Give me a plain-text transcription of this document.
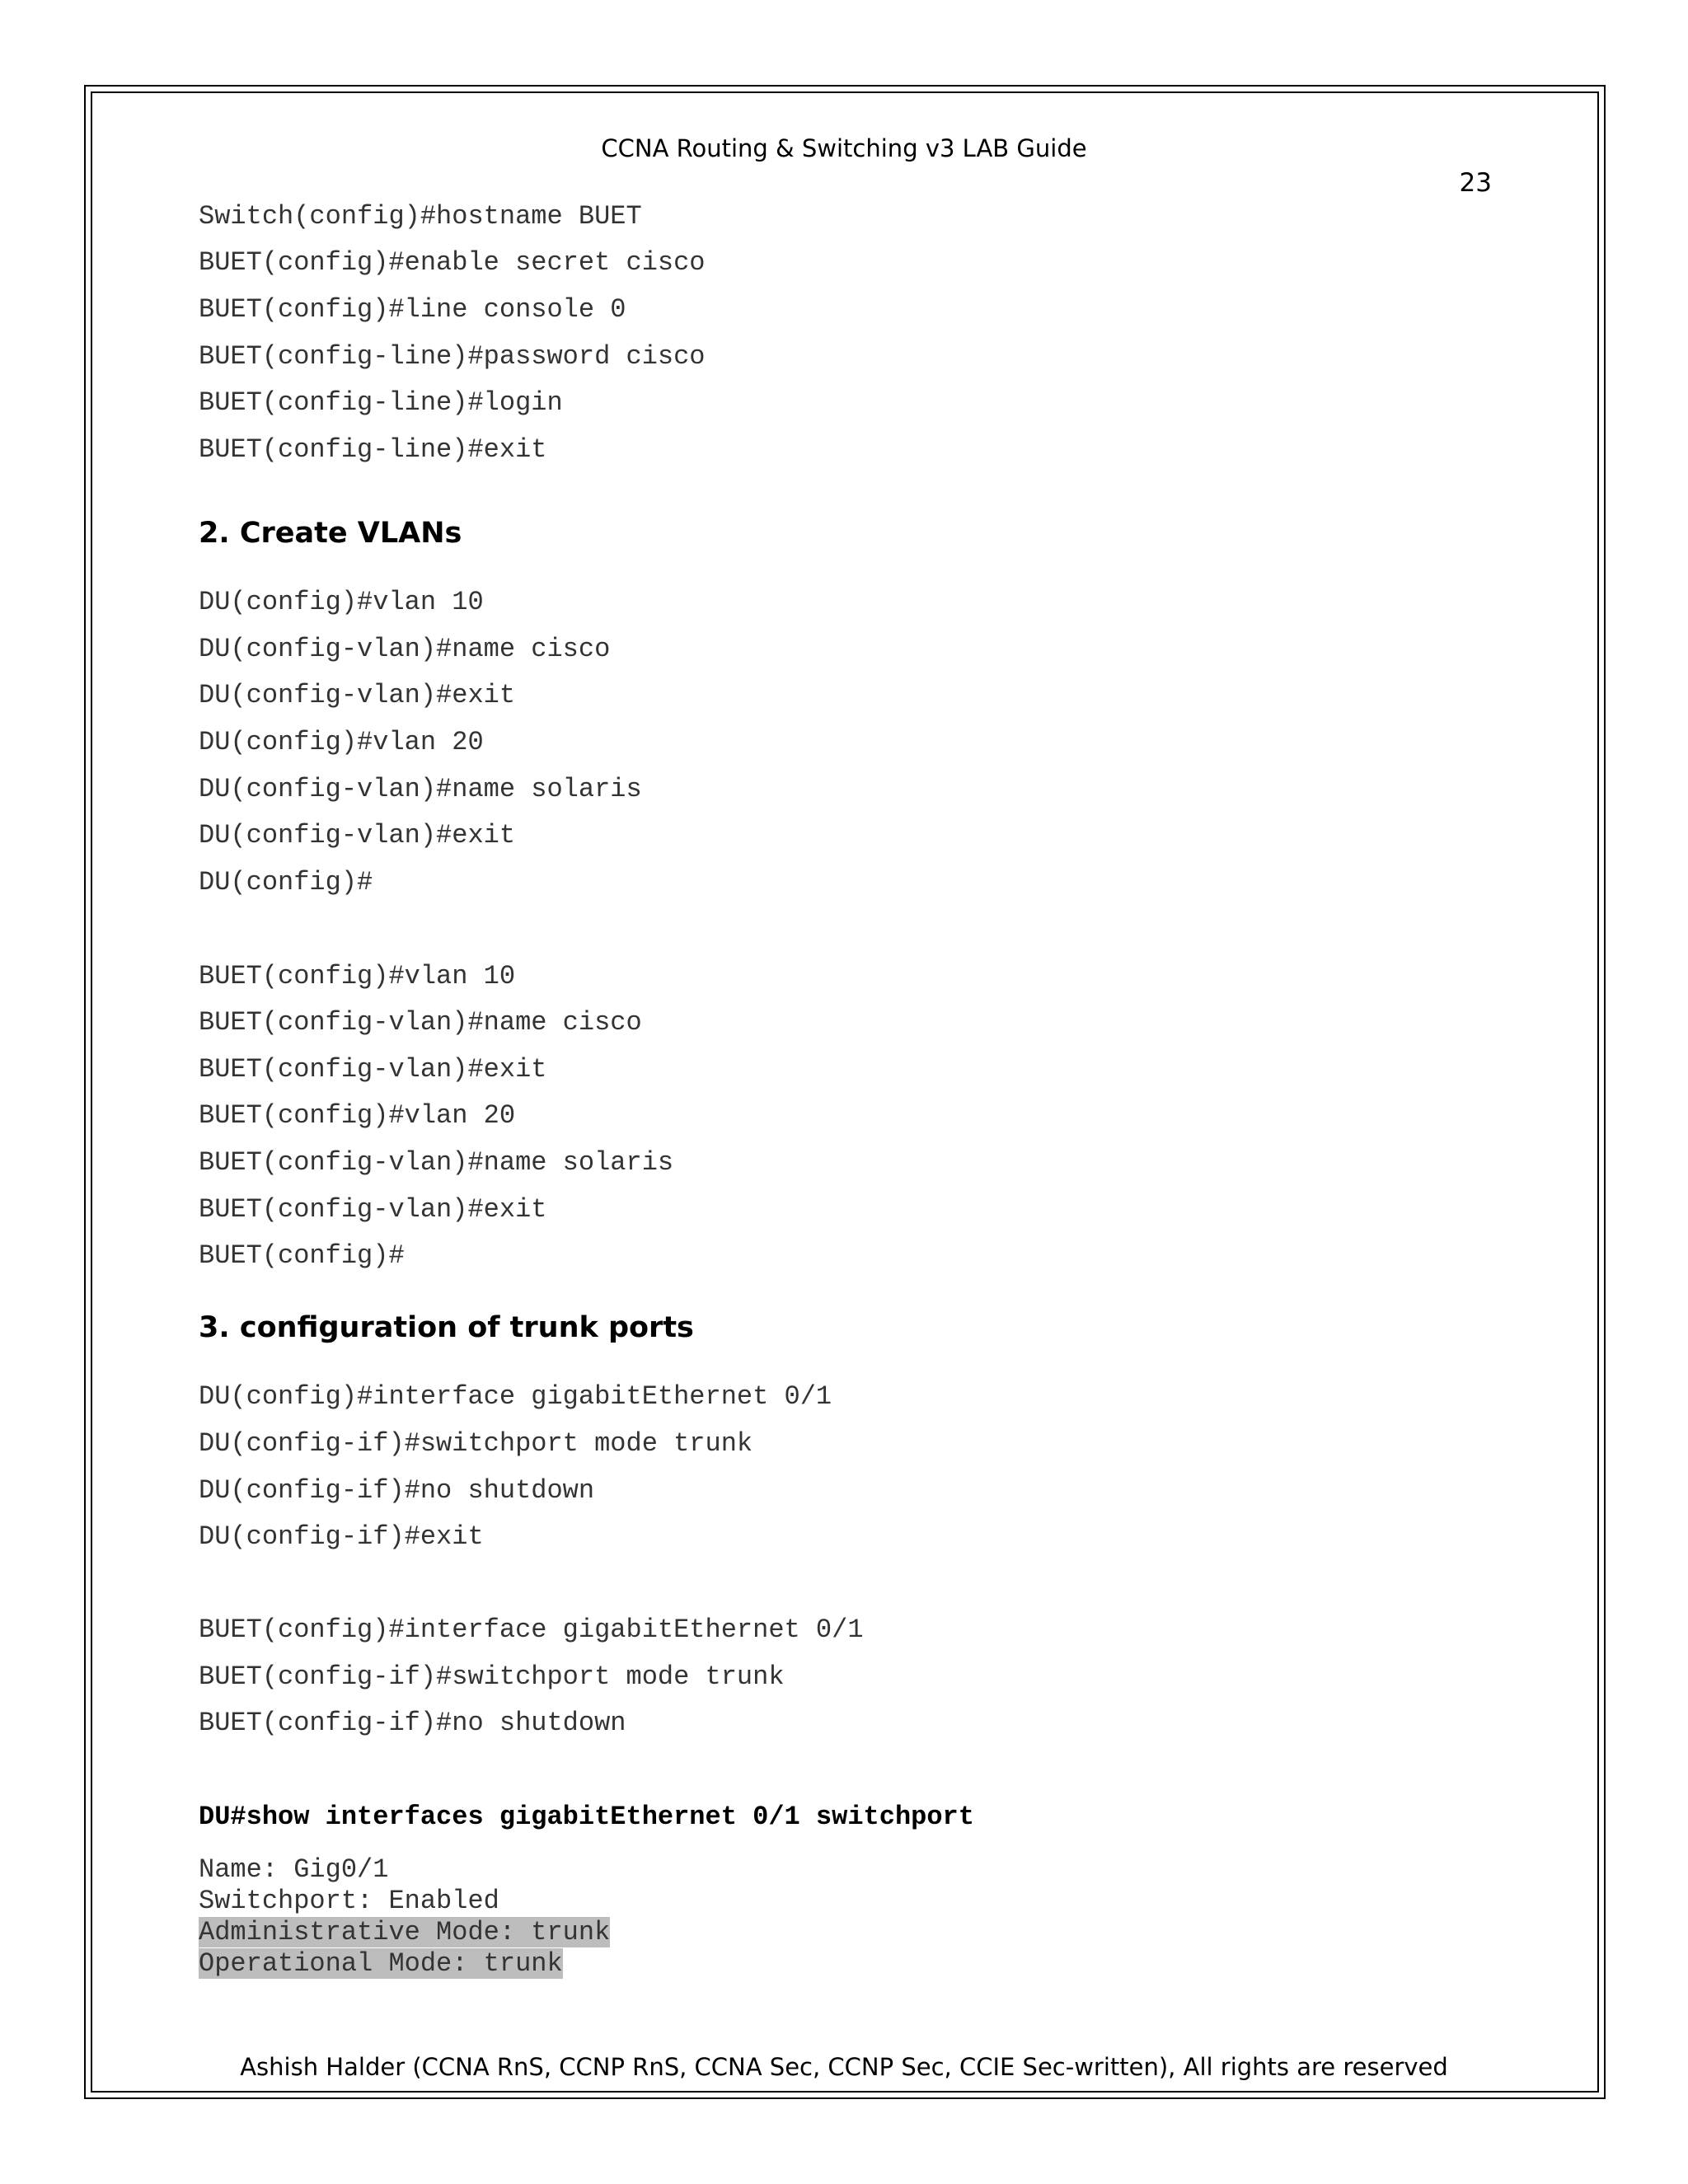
CCNA Routing & Switching v3 LAB Guide
23
Switch(config)#hostname BUET
BUET(config)#enable secret cisco
BUET(config)#line console 0
BUET(config-line)#password cisco
BUET(config-line)#login
BUET(config-line)#exit
2. Create VLANs
DU(config)#vlan 10
DU(config-vlan)#name cisco
DU(config-vlan)#exit
DU(config)#vlan 20
DU(config-vlan)#name solaris
DU(config-vlan)#exit
DU(config)#
BUET(config)#vlan 10
BUET(config-vlan)#name cisco
BUET(config-vlan)#exit
BUET(config)#vlan 20
BUET(config-vlan)#name solaris
BUET(config-vlan)#exit
BUET(config)#
3. configuration of trunk ports
DU(config)#interface gigabitEthernet 0/1
DU(config-if)#switchport mode trunk
DU(config-if)#no shutdown
DU(config-if)#exit
BUET(config)#interface gigabitEthernet 0/1
BUET(config-if)#switchport mode trunk
BUET(config-if)#no shutdown
DU#show interfaces gigabitEthernet 0/1 switchport
Name: Gig0/1
Switchport: Enabled
Administrative Mode: trunk
Operational Mode: trunk
Ashish Halder (CCNA RnS, CCNP RnS, CCNA Sec, CCNP Sec, CCIE Sec-written), All rights are reserved
